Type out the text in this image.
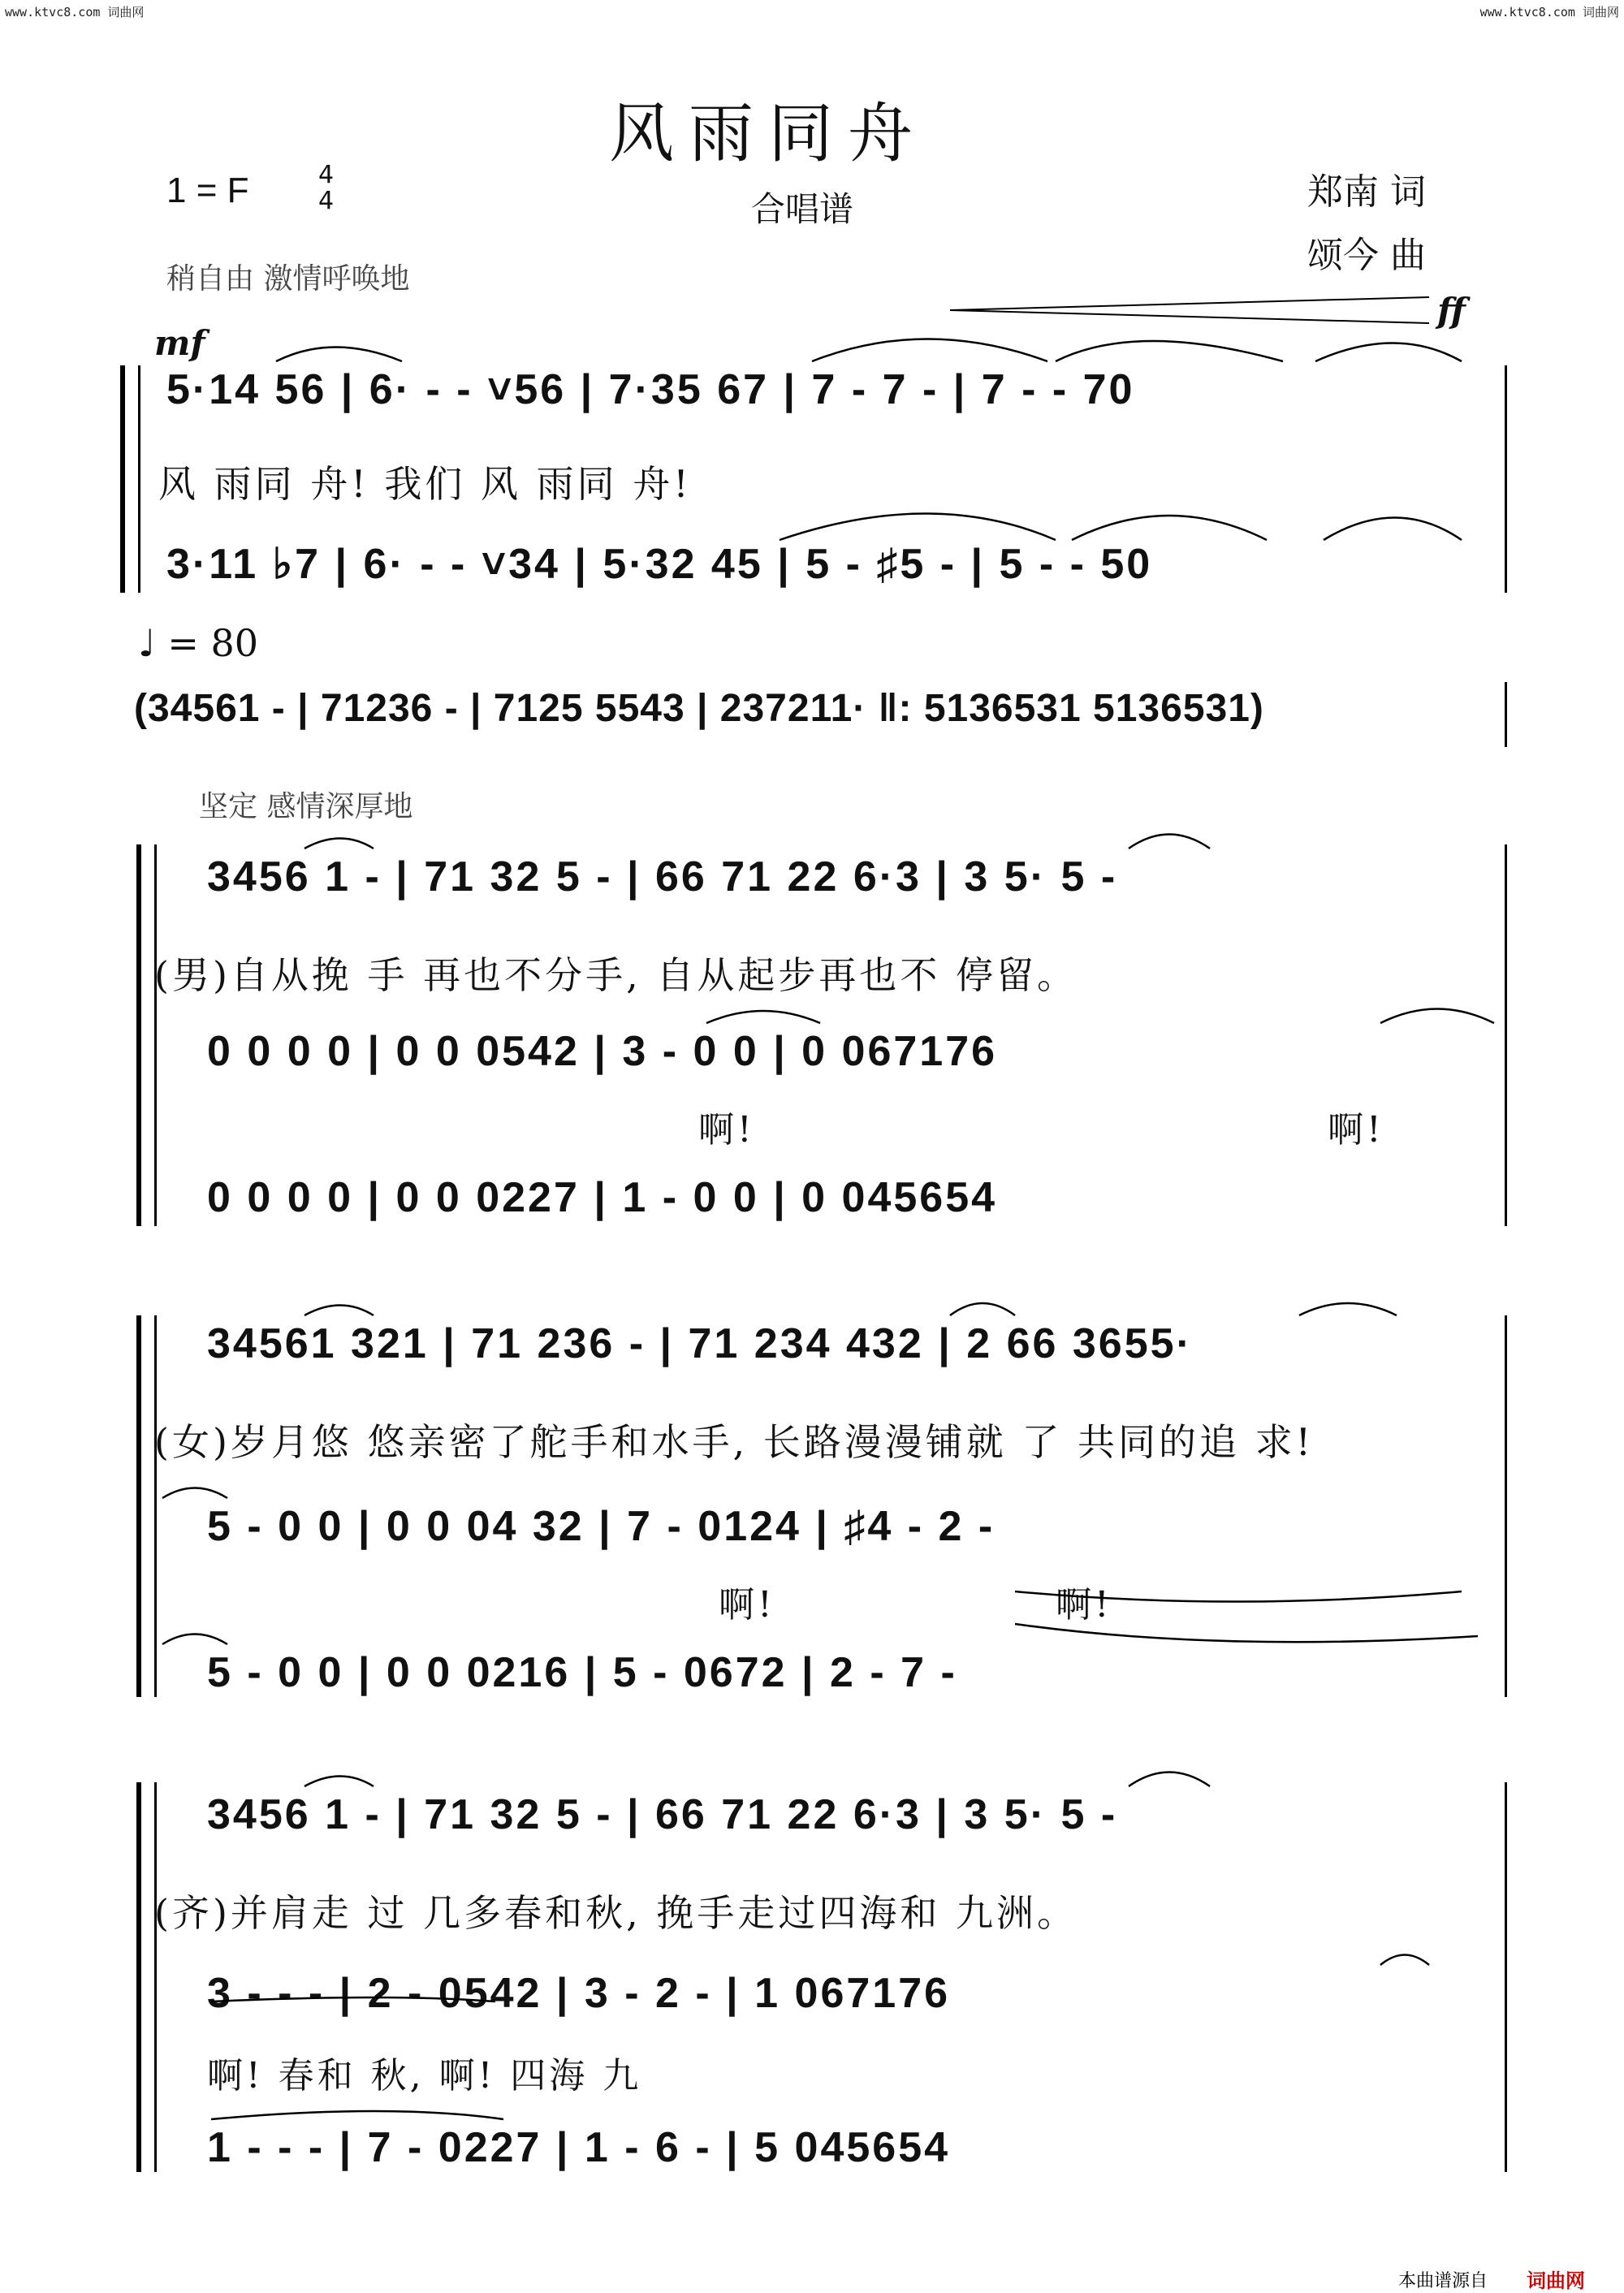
www.ktvc8.com 词曲网	www.ktvc8.com 词曲网
风雨同舟
1 = F	4
4	合唱谱	郑南 词
颂今 曲
稍自由 激情呼唤地
mf
ff
5·14 56 | 6· - - ˅56 | 7·35 67 | 7 - 7 - | 7 - - 70
风 雨同 舟! 我们 风 雨同 舟!
3·11 ♭7 | 6· - - ˅34 | 5·32 45 | 5 - ♯5 - | 5 - - 50
♩ = 80
(34561 - | 71236 - | 7125 5543 | 237211· ‖: 5136531 5136531)
坚定 感情深厚地
3456 1 - | 71 32 5 - | 66 71 22 6·3 | 3 5· 5 -
(男)自从挽 手 再也不分手, 自从起步再也不 停留。
0 0 0 0 | 0 0 0542 | 3 - 0 0 | 0 067176
啊!	啊!
0 0 0 0 | 0 0 0227 | 1 - 0 0 | 0 045654
34561 321 | 71 236 - | 71 234 432 | 2 66 3655·
(女)岁月悠 悠亲密了舵手和水手, 长路漫漫铺就 了 共同的追 求!
5 - 0 0 | 0 0 04 32 | 7 - 0124 | ♯4 - 2 -
啊!	啊!
5 - 0 0 | 0 0 0216 | 5 - 0672 | 2 - 7 -
3456 1 - | 71 32 5 - | 66 71 22 6·3 | 3 5· 5 -
(齐)并肩走 过 几多春和秋, 挽手走过四海和 九洲。
3 - - - | 2 - 0542 | 3 - 2 - | 1 067176
啊! 春和 秋, 啊! 四海 九
1 - - - | 7 - 0227 | 1 - 6 - | 5 045654
本曲谱源自 词曲网
